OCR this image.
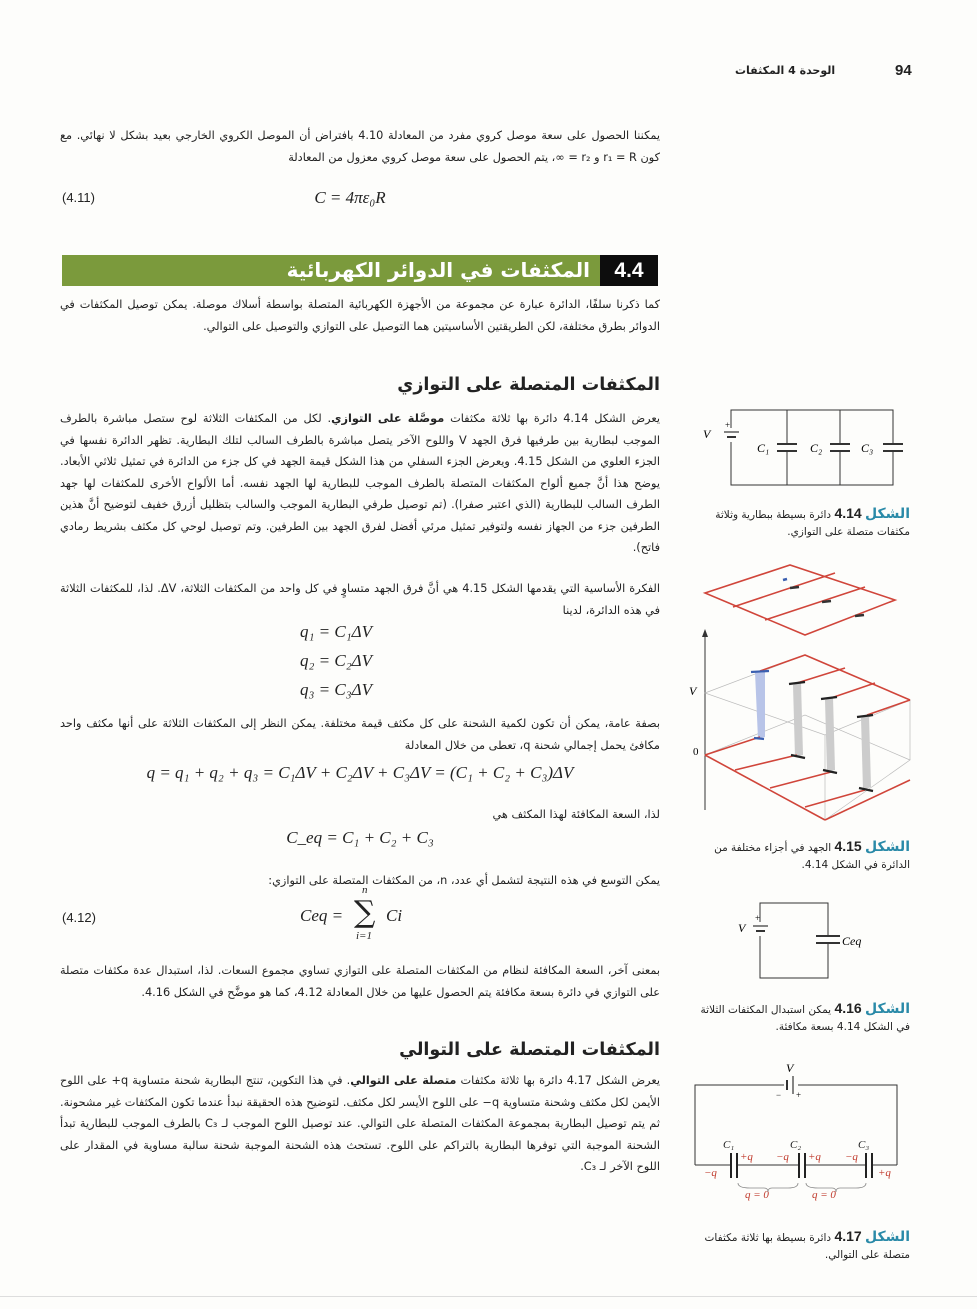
94
الوحدة 4 المكثفات
يمكننا الحصول على سعة موصل كروي مفرد من المعادلة 4.10 بافتراض أن الموصل الكروي الخارجي بعيد بشكل لا نهائي. مع كون r₁ = R و r₂ = ∞، يتم الحصول على سعة موصل كروي معزول من المعادلة
(4.11)	C = 4πε₀R
4.4
المكثفات في الدوائر الكهربائية
كما ذكرنا سلفًا، الدائرة عبارة عن مجموعة من الأجهزة الكهربائية المتصلة بواسطة أسلاك موصلة. يمكن توصيل المكثفات في الدوائر بطرق مختلفة، لكن الطريقتين الأساسيتين هما التوصيل على التوازي والتوصيل على التوالي.
المكثفات المتصلة على التوازي
يعرض الشكل 4.14 دائرة بها ثلاثة مكثفات موصَّلة على التوازي. لكل من المكثفات الثلاثة لوح ستصل مباشرة بالطرف الموجب لبطارية بين طرفيها فرق الجهد V واللوح الآخر يتصل مباشرة بالطرف السالب لتلك البطارية. تظهر الدائرة نفسها في الجزء العلوي من الشكل 4.15. ويعرض الجزء السفلي من هذا الشكل قيمة الجهد في كل جزء من الدائرة في تمثيل ثلاثي الأبعاد. يوضح هذا أنَّ جميع ألواح المكثفات المتصلة بالطرف الموجب للبطارية لها الجهد نفسه. أما الألواح الأخرى للمكثفات لها جهد الطرف السالب للبطارية (الذي اعتبر صفرا). (تم توصيل طرفي البطارية الموجب والسالب بتظليل أزرق خفيف لتوضيح أنَّ هذين الطرفين جزء من الجهاز نفسه ولتوفير تمثيل مرئي أفضل لفرق الجهد بين الطرفين. وتم توصيل لوحي كل مكثف بشريط رمادي فاتح).
الفكرة الأساسية التي يقدمها الشكل 4.15 هي أنَّ فرق الجهد متساوٍ في كل واحد من المكثفات الثلاثة، ΔV. لذا، للمكثفات الثلاثة في هذه الدائرة، لدينا
q₁ = C₁ΔV
q₂ = C₂ΔV
q₃ = C₃ΔV
بصفة عامة، يمكن أن تكون لكمية الشحنة على كل مكثف قيمة مختلفة. يمكن النظر إلى المكثفات الثلاثة على أنها مكثف واحد مكافئ يحمل إجمالي شحنة q، تعطى من خلال المعادلة
q = q₁ + q₂ + q₃ = C₁ΔV + C₂ΔV + C₃ΔV = (C₁ + C₂ + C₃)ΔV
لذا، السعة المكافئة لهذا المكثف هي
C_eq = C₁ + C₂ + C₃
يمكن التوسع في هذه النتيجة لتشمل أي عدد، n، من المكثفات المتصلة على التوازي:
(4.12)	Ceq =
n
∑
i=1
Ci
بمعنى آخر، السعة المكافئة لنظام من المكثفات المتصلة على التوازي تساوي مجموع السعات. لذا، استبدال عدة مكثفات متصلة على التوازي في دائرة بسعة مكافئة يتم الحصول عليها من خلال المعادلة 4.12، كما هو موضَّح في الشكل 4.16.
المكثفات المتصلة على التوالي
يعرض الشكل 4.17 دائرة بها ثلاثة مكثفات متصلة على التوالي. في هذا التكوين، تنتج البطارية شحنة متساوية q+ على اللوح الأيمن لكل مكثف وشحنة متساوية q− على اللوح الأيسر لكل مكثف. لتوضيح هذه الحقيقة نبدأ عندما تكون المكثفات غير مشحونة. ثم يتم توصيل البطارية بمجموعة المكثفات المتصلة على التوالي. عند توصيل اللوح الموجب لـ C₃ بالطرف الموجب للبطارية تبدأ الشحنة الموجبة التي توفرها البطارية بالتراكم على اللوح. تستحث هذه الشحنة الموجبة شحنة سالبة مساوية في المقدار على اللوح الآخر لـ C₃.
V
+
C₁	C₂	C₃
الشكل 4.14 دائرة بسيطة ببطارية وثلاثة مكثفات متصلة على التوازي.
V
0
الشكل 4.15 الجهد في أجزاء مختلفة من الدائرة في الشكل 4.14.
V
+
Ceq
الشكل 4.16 يمكن استبدال المكثفات الثلاثة في الشكل 4.14 بسعة مكافئة.
V
− +
C₁	C₂	C₃
+q
−q
−q +q −q
+q
q = 0	q = 0
الشكل 4.17 دائرة بسيطة بها ثلاثة مكثفات متصلة على التوالي.
